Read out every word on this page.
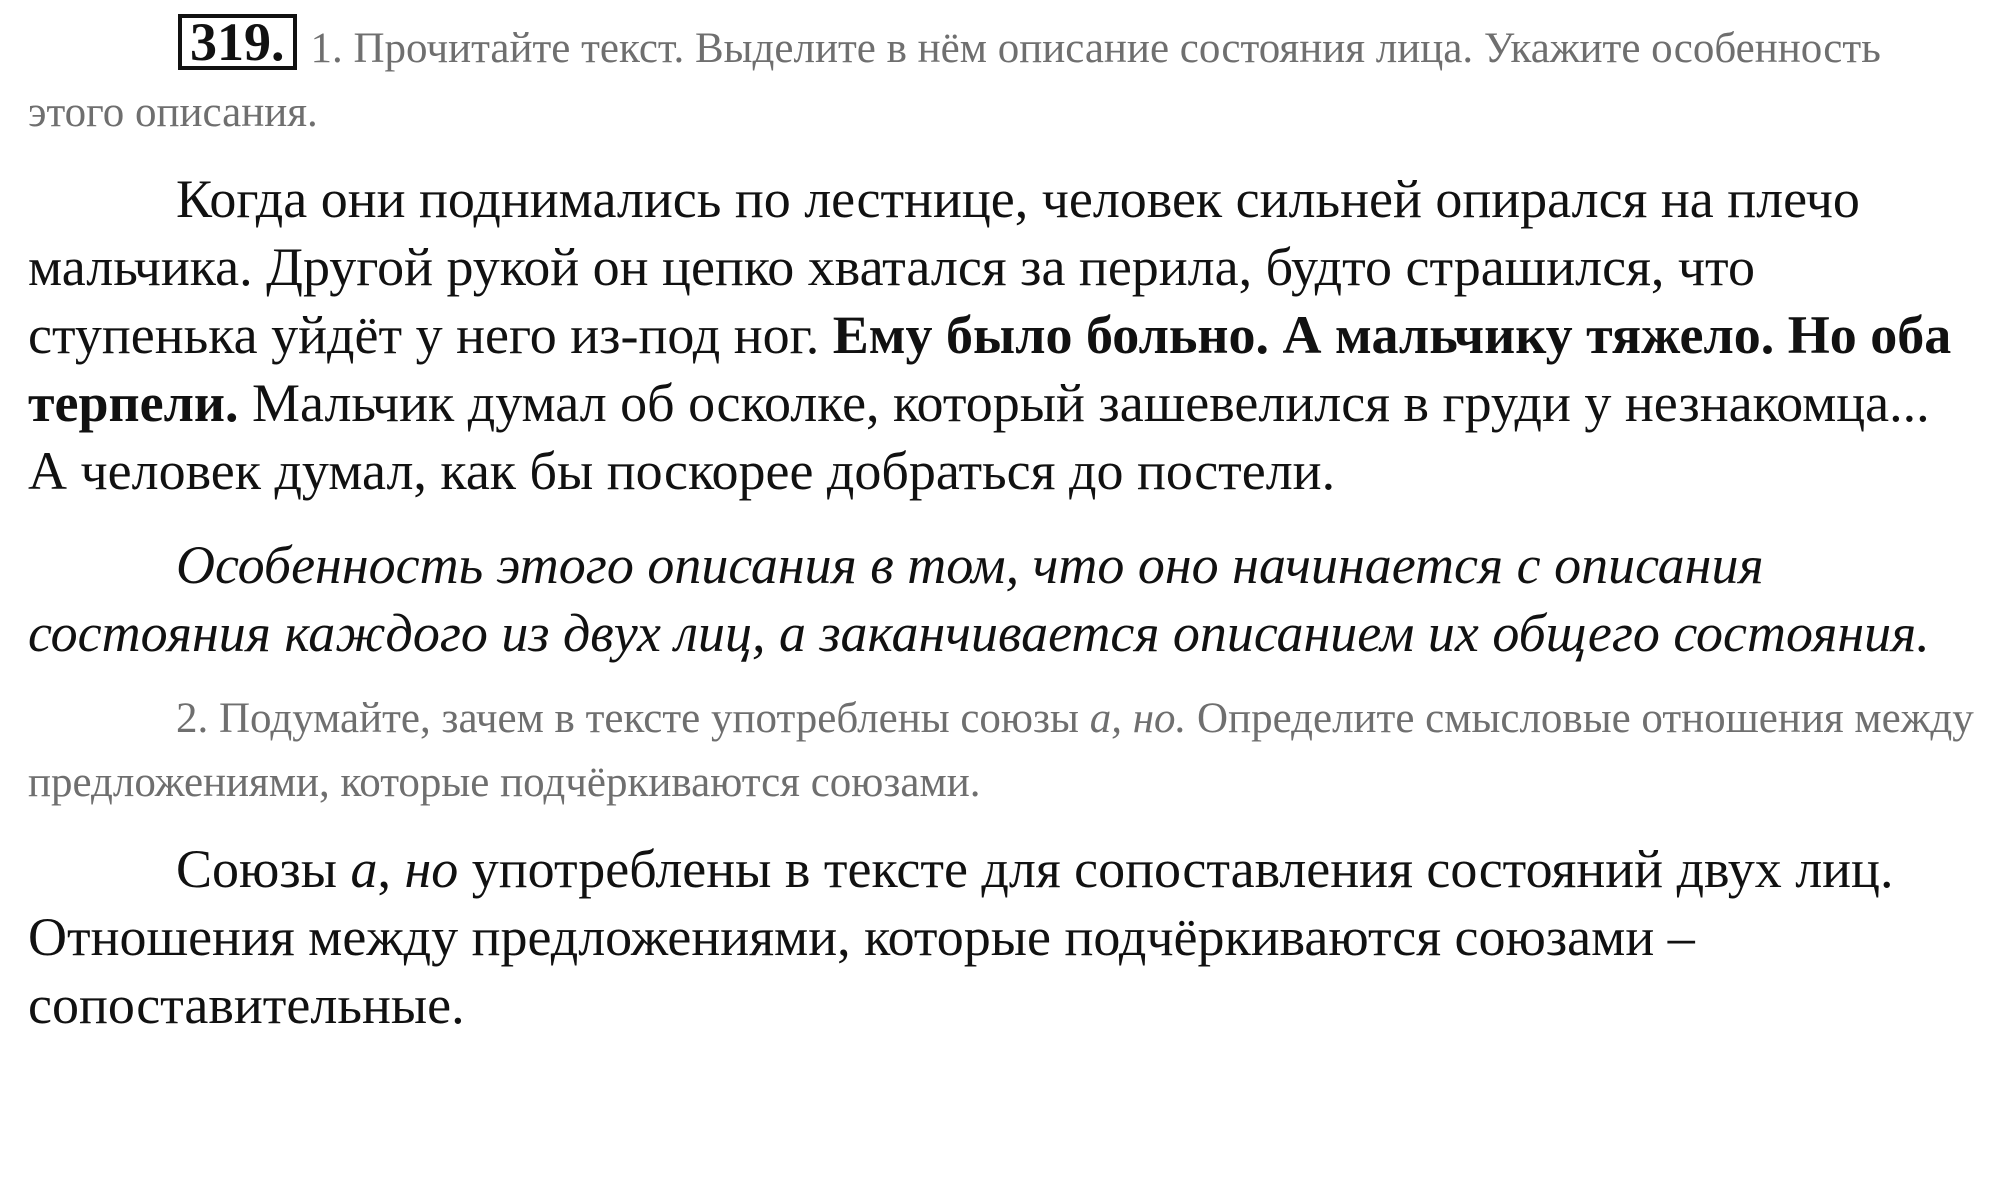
319. 1. Прочитайте текст. Выделите в нём описание состояния лица. Укажите особенность этого описания.

Когда они поднимались по лестнице, человек сильней опирался на плечо мальчика. Другой рукой он цепко хватался за перила, будто страшился, что ступенька уйдёт у него из-под ног. Ему было больно. А мальчику тяжело. Но оба терпели. Мальчик думал об осколке, который зашевелился в груди у незнакомца... А человек думал, как бы поскорее добраться до постели.

Особенность этого описания в том, что оно начинается с описания состояния каждого из двух лиц, а заканчивается описанием их общего состояния.

2. Подумайте, зачем в тексте употреблены союзы а, но. Определите смысловые отношения между предложениями, которые подчёркиваются союзами.

Союзы а, но употреблены в тексте для сопоставления состояний двух лиц. Отношения между предложениями, которые подчёркиваются союзами – сопоставительные.
